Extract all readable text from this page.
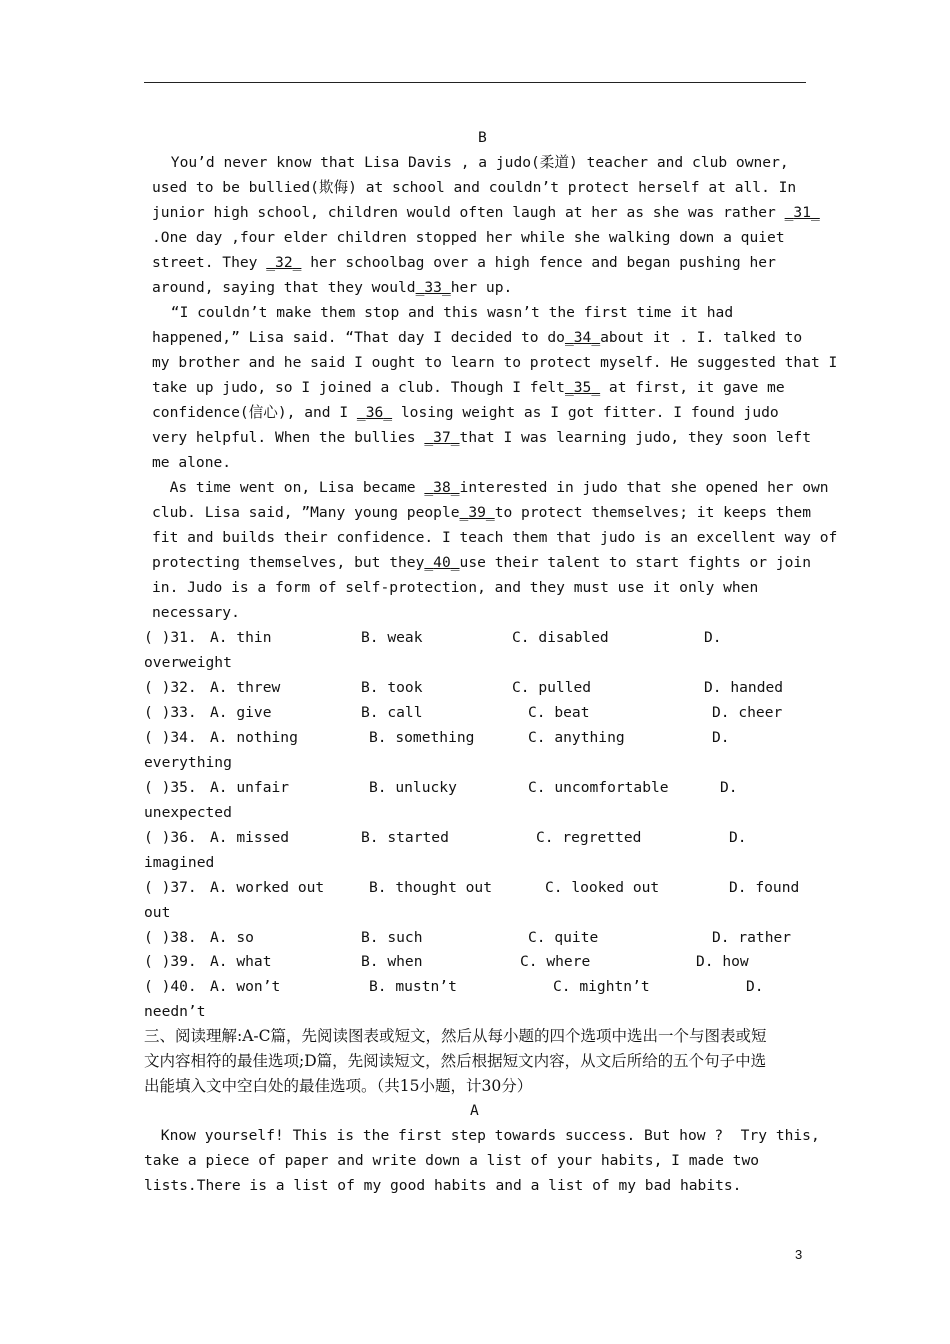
B
You’d never know that Lisa Davis , a judo(柔道) teacher and club owner,
used to be bullied(欺侮) at school and couldn’t protect herself at all. In
junior high school, children would often laugh at her as she was rather _31_
.One day ,four elder children stopped her while she walking down a quiet
street. They _32_ her schoolbag over a high fence and began pushing her
around, saying that they would_33_her up.
“I couldn’t make them stop and this wasn’t the first time it had
happened,” Lisa said. “That day I decided to do_34_about it . I. talked to
my brother and he said I ought to learn to protect myself. He suggested that I
take up judo, so I joined a club. Though I felt_35_ at first, it gave me
confidence(信心), and I _36_ losing weight as I got fitter. I found judo
very helpful. When the bullies _37_that I was learning judo, they soon left
me alone.
As time went on, Lisa became _38_interested in judo that she opened her own
club. Lisa said, ”Many young people_39_to protect themselves; it keeps them
fit and builds their confidence. I teach them that judo is an excellent way of
protecting themselves, but they_40_use their talent to start fights or join
in. Judo is a form of self-protection, and they must use it only when
necessary.
( )31. A. thin	B. weak	C. disabled	D.
overweight
( )32. A. threw	B. took	C. pulled	D. handed
( )33. A. give	B. call	C. beat	D. cheer
( )34. A. nothing	B. something	C. anything	D.
everything
( )35. A. unfair	B. unlucky	C. uncomfortable	D.
unexpected
( )36. A. missed	B. started	C. regretted	D.
imagined
( )37. A. worked out	B. thought out	C. looked out	D. found
out
( )38. A. so	B. such	C. quite	D. rather
( )39. A. what	B. when	C. where	D. how
( )40. A. won’t	B. mustn’t	C. mightn’t	D.
needn’t
三、阅读理解:A-C篇，先阅读图表或短文，然后从每小题的四个选项中选出一个与图表或短
文内容相符的最佳选项;D篇，先阅读短文，然后根据短文内容，从文后所给的五个句子中选
出能填入文中空白处的最佳选项。（共15小题，计30分）
A
Know yourself! This is the first step towards success. But how ?  Try this,
take a piece of paper and write down a list of your habits, I made two
lists.There is a list of my good habits and a list of my bad habits.
3
